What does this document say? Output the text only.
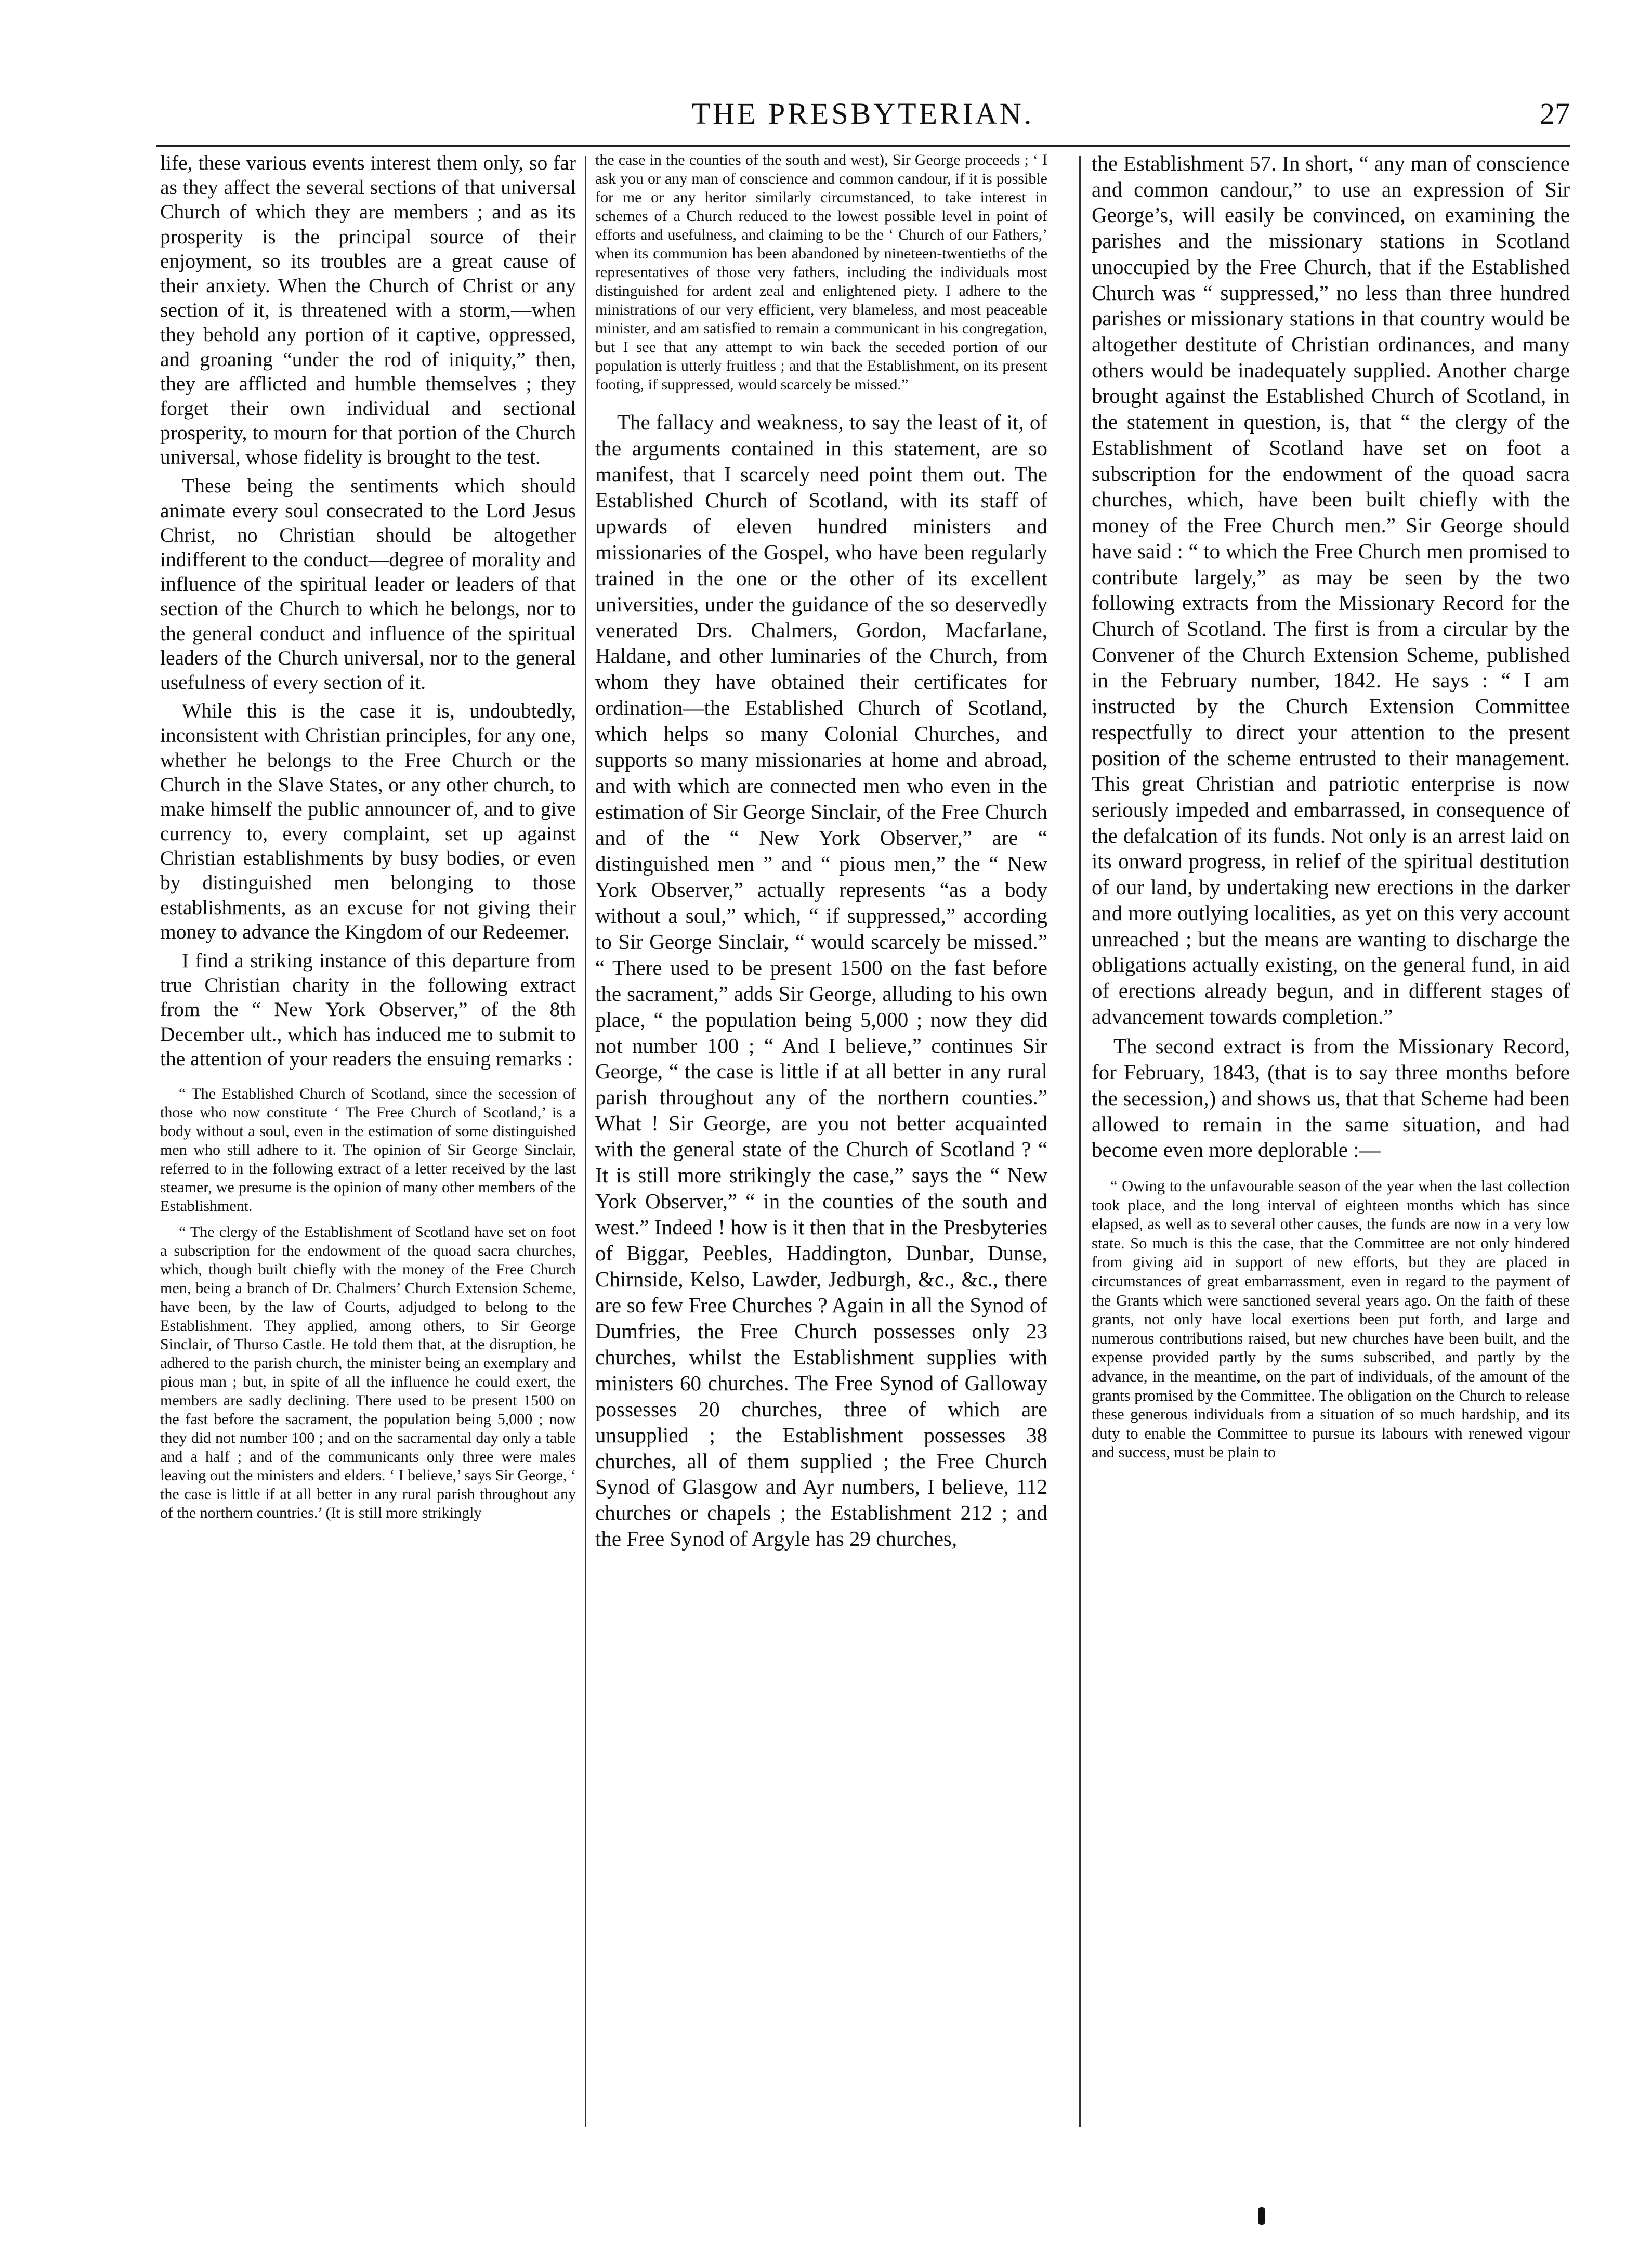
THE PRESBYTERIAN.	27

life, these various events interest them only, so far as they affect the several sections of that universal Church of which they are members ; and as its prosperity is the principal source of their enjoyment, so its troubles are a great cause of their anxiety. When the Church of Christ or any section of it, is threatened with a storm,—when they behold any portion of it captive, oppressed, and groaning “under the rod of iniquity,” then, they are afflicted and humble themselves ; they forget their own individual and sectional prosperity, to mourn for that portion of the Church universal, whose fidelity is brought to the test.

These being the sentiments which should animate every soul consecrated to the Lord Jesus Christ, no Christian should be altogether indifferent to the conduct—degree of morality and influence of the spiritual leader or leaders of that section of the Church to which he belongs, nor to the general conduct and influence of the spiritual leaders of the Church universal, nor to the general usefulness of every section of it.

While this is the case it is, undoubtedly, inconsistent with Christian principles, for any one, whether he belongs to the Free Church or the Church in the Slave States, or any other church, to make himself the public announcer of, and to give currency to, every complaint, set up against Christian establishments by busy bodies, or even by distinguished men belonging to those establishments, as an excuse for not giving their money to advance the Kingdom of our Redeemer.

I find a striking instance of this departure from true Christian charity in the following extract from the “ New York Observer,” of the 8th December ult., which has induced me to submit to the attention of your readers the ensuing remarks :

“ The Established Church of Scotland, since the secession of those who now constitute ‘ The Free Church of Scotland,’ is a body without a soul, even in the estimation of some distinguished men who still adhere to it. The opinion of Sir George Sinclair, referred to in the following extract of a letter received by the last steamer, we presume is the opinion of many other members of the Establishment.

“ The clergy of the Establishment of Scotland have set on foot a subscription for the endowment of the quoad sacra churches, which, though built chiefly with the money of the Free Church men, being a branch of Dr. Chalmers’ Church Extension Scheme, have been, by the law of Courts, adjudged to belong to the Establishment. They applied, among others, to Sir George Sinclair, of Thurso Castle. He told them that, at the disruption, he adhered to the parish church, the minister being an exemplary and pious man ; but, in spite of all the influence he could exert, the members are sadly declining. There used to be present 1500 on the fast before the sacrament, the population being 5,000 ; now they did not number 100 ; and on the sacramental day only a table and a half ; and of the communicants only three were males leaving out the ministers and elders. ‘ I believe,’ says Sir George, ‘ the case is little if at all better in any rural parish throughout any of the northern countries.’ (It is still more strikingly

the case in the counties of the south and west), Sir George proceeds ; ‘ I ask you or any man of conscience and common candour, if it is possible for me or any heritor similarly circumstanced, to take interest in schemes of a Church reduced to the lowest possible level in point of efforts and usefulness, and claiming to be the ‘ Church of our Fathers,’ when its communion has been abandoned by nineteen-twentieths of the representatives of those very fathers, including the individuals most distinguished for ardent zeal and enlightened piety. I adhere to the ministrations of our very efficient, very blameless, and most peaceable minister, and am satisfied to remain a communicant in his congregation, but I see that any attempt to win back the seceded portion of our population is utterly fruitless ; and that the Establishment, on its present footing, if suppressed, would scarcely be missed.”

The fallacy and weakness, to say the least of it, of the arguments contained in this statement, are so manifest, that I scarcely need point them out. The Established Church of Scotland, with its staff of upwards of eleven hundred ministers and missionaries of the Gospel, who have been regularly trained in the one or the other of its excellent universities, under the guidance of the so deservedly venerated Drs. Chalmers, Gordon, Macfarlane, Haldane, and other luminaries of the Church, from whom they have obtained their certificates for ordination—the Established Church of Scotland, which helps so many Colonial Churches, and supports so many missionaries at home and abroad, and with which are connected men who even in the estimation of Sir George Sinclair, of the Free Church and of the “ New York Observer,” are “ distinguished men ” and “ pious men,” the “ New York Observer,” actually represents “as a body without a soul,” which, “ if suppressed,” according to Sir George Sinclair, “ would scarcely be missed.” “ There used to be present 1500 on the fast before the sacrament,” adds Sir George, alluding to his own place, “ the population being 5,000 ; now they did not number 100 ; “ And I believe,” continues Sir George, “ the case is little if at all better in any rural parish throughout any of the northern counties.” What ! Sir George, are you not better acquainted with the general state of the Church of Scotland ? “ It is still more strikingly the case,” says the “ New York Observer,” “ in the counties of the south and west.” Indeed ! how is it then that in the Presbyteries of Biggar, Peebles, Haddington, Dunbar, Dunse, Chirnside, Kelso, Lawder, Jedburgh, &c., &c., there are so few Free Churches ? Again in all the Synod of Dumfries, the Free Church possesses only 23 churches, whilst the Establishment supplies with ministers 60 churches. The Free Synod of Galloway possesses 20 churches, three of which are unsupplied ; the Establishment possesses 38 churches, all of them supplied ; the Free Church Synod of Glasgow and Ayr numbers, I believe, 112 churches or chapels ; the Establishment 212 ; and the Free Synod of Argyle has 29 churches,

the Establishment 57. In short, “ any man of conscience and common candour,” to use an expression of Sir George’s, will easily be convinced, on examining the parishes and the missionary stations in Scotland unoccupied by the Free Church, that if the Established Church was “ suppressed,” no less than three hundred parishes or missionary stations in that country would be altogether destitute of Christian ordinances, and many others would be inadequately supplied. Another charge brought against the Established Church of Scotland, in the statement in question, is, that “ the clergy of the Establishment of Scotland have set on foot a subscription for the endowment of the quoad sacra churches, which, have been built chiefly with the money of the Free Church men.” Sir George should have said : “ to which the Free Church men promised to contribute largely,” as may be seen by the two following extracts from the Missionary Record for the Church of Scotland. The first is from a circular by the Convener of the Church Extension Scheme, published in the February number, 1842. He says : “ I am instructed by the Church Extension Committee respectfully to direct your attention to the present position of the scheme entrusted to their management. This great Christian and patriotic enterprise is now seriously impeded and embarrassed, in consequence of the defalcation of its funds. Not only is an arrest laid on its onward progress, in relief of the spiritual destitution of our land, by undertaking new erections in the darker and more outlying localities, as yet on this very account unreached ; but the means are wanting to discharge the obligations actually existing, on the general fund, in aid of erections already begun, and in different stages of advancement towards completion.”

The second extract is from the Missionary Record, for February, 1843, (that is to say three months before the secession,) and shows us, that that Scheme had been allowed to remain in the same situation, and had become even more deplorable :—

“ Owing to the unfavourable season of the year when the last collection took place, and the long interval of eighteen months which has since elapsed, as well as to several other causes, the funds are now in a very low state. So much is this the case, that the Committee are not only hindered from giving aid in support of new efforts, but they are placed in circumstances of great embarrassment, even in regard to the payment of the Grants which were sanctioned several years ago. On the faith of these grants, not only have local exertions been put forth, and large and numerous contributions raised, but new churches have been built, and the expense provided partly by the sums subscribed, and partly by the advance, in the meantime, on the part of individuals, of the amount of the grants promised by the Committee. The obligation on the Church to release these generous individuals from a situation of so much hardship, and its duty to enable the Committee to pursue its labours with renewed vigour and success, must be plain to
